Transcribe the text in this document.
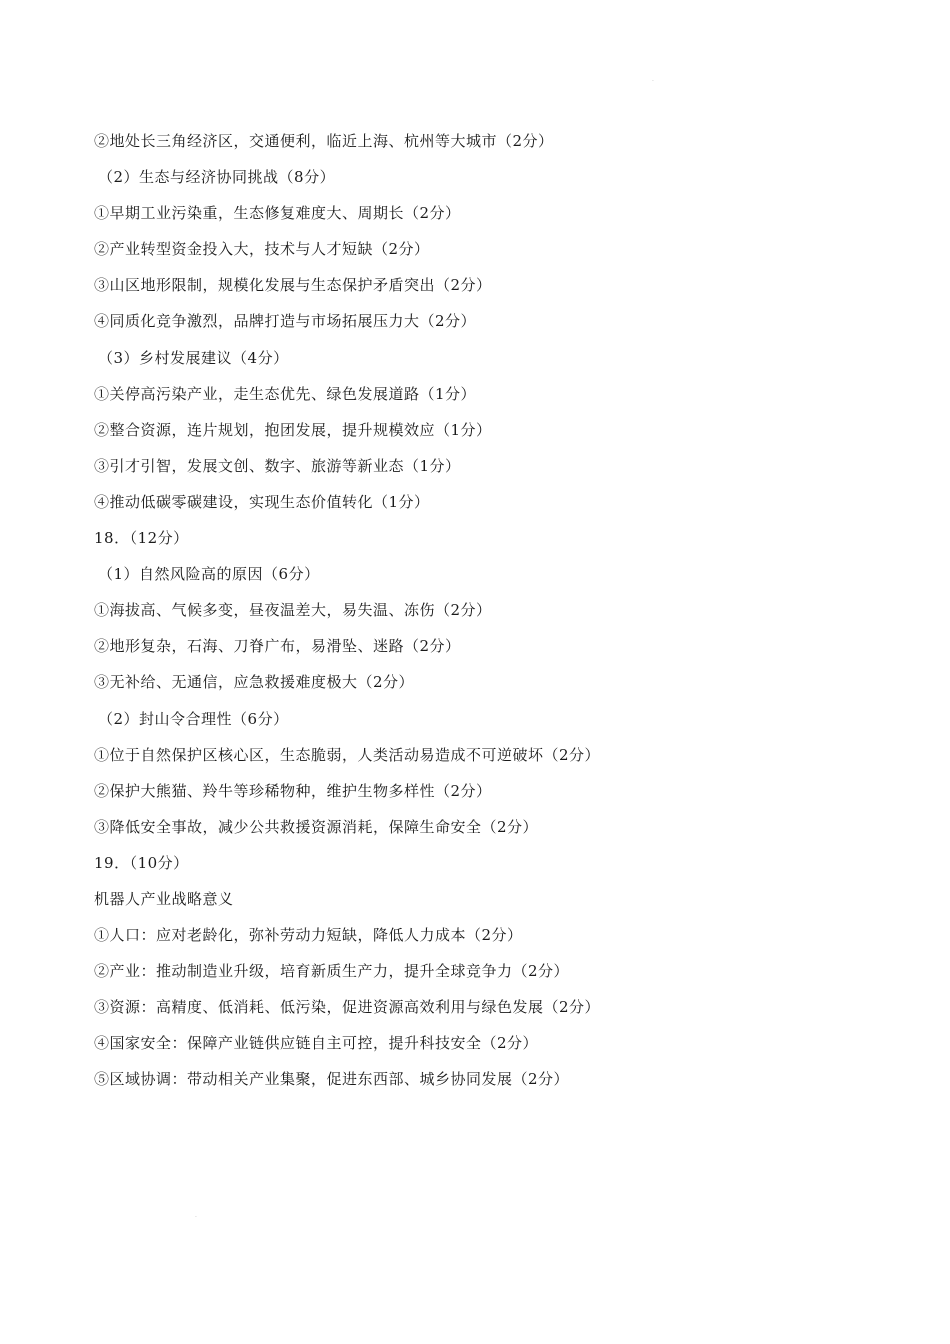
·
·
②地处长三角经济区，交通便利，临近上海、杭州等大城市（2分）
（2）生态与经济协同挑战（8分）
①早期工业污染重，生态修复难度大、周期长（2分）
②产业转型资金投入大，技术与人才短缺（2分）
③山区地形限制，规模化发展与生态保护矛盾突出（2分）
④同质化竞争激烈，品牌打造与市场拓展压力大（2分）
（3）乡村发展建议（4分）
①关停高污染产业，走生态优先、绿色发展道路（1分）
②整合资源，连片规划，抱团发展，提升规模效应（1分）
③引才引智，发展文创、数字、旅游等新业态（1分）
④推动低碳零碳建设，实现生态价值转化（1分）
18．（12分）
（1）自然风险高的原因（6分）
①海拔高、气候多变，昼夜温差大，易失温、冻伤（2分）
②地形复杂，石海、刀脊广布，易滑坠、迷路（2分）
③无补给、无通信，应急救援难度极大（2分）
（2）封山令合理性（6分）
①位于自然保护区核心区，生态脆弱，人类活动易造成不可逆破坏（2分）
②保护大熊猫、羚牛等珍稀物种，维护生物多样性（2分）
③降低安全事故，减少公共救援资源消耗，保障生命安全（2分）
19．（10分）
机器人产业战略意义
①人口：应对老龄化，弥补劳动力短缺，降低人力成本（2分）
②产业：推动制造业升级，培育新质生产力，提升全球竞争力（2分）
③资源：高精度、低消耗、低污染，促进资源高效利用与绿色发展（2分）
④国家安全：保障产业链供应链自主可控，提升科技安全（2分）
⑤区域协调：带动相关产业集聚，促进东西部、城乡协同发展（2分）
